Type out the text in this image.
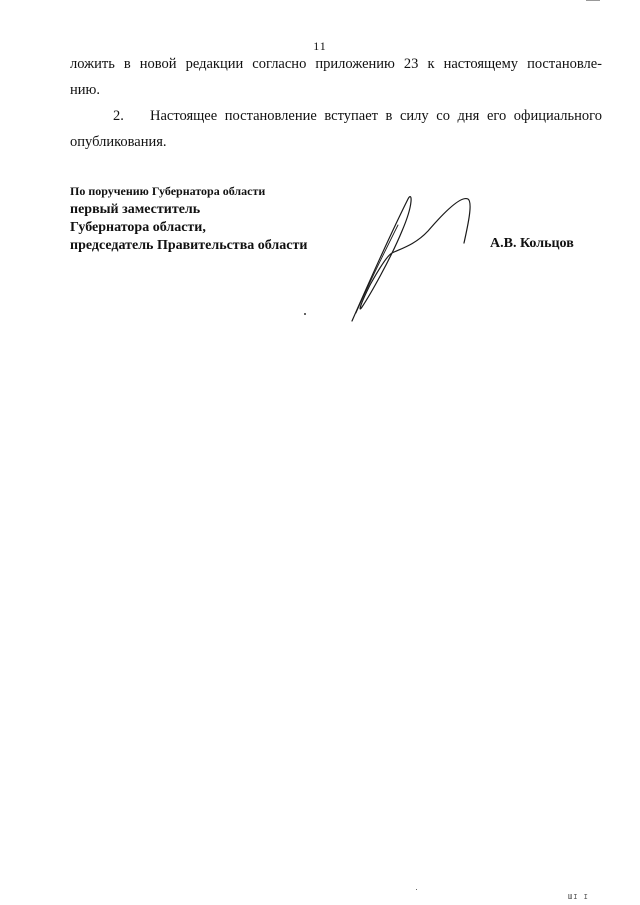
11
ложить в новой редакции согласно приложению 23 к настоящему постановле-
нию.
2.	Настоящее постановление вступает в силу со дня его официального
опубликования.
По поручению Губернатора области
первый заместитель
Губернатора области,
председатель Правительства области	А.В. Кольцов
ШI I
